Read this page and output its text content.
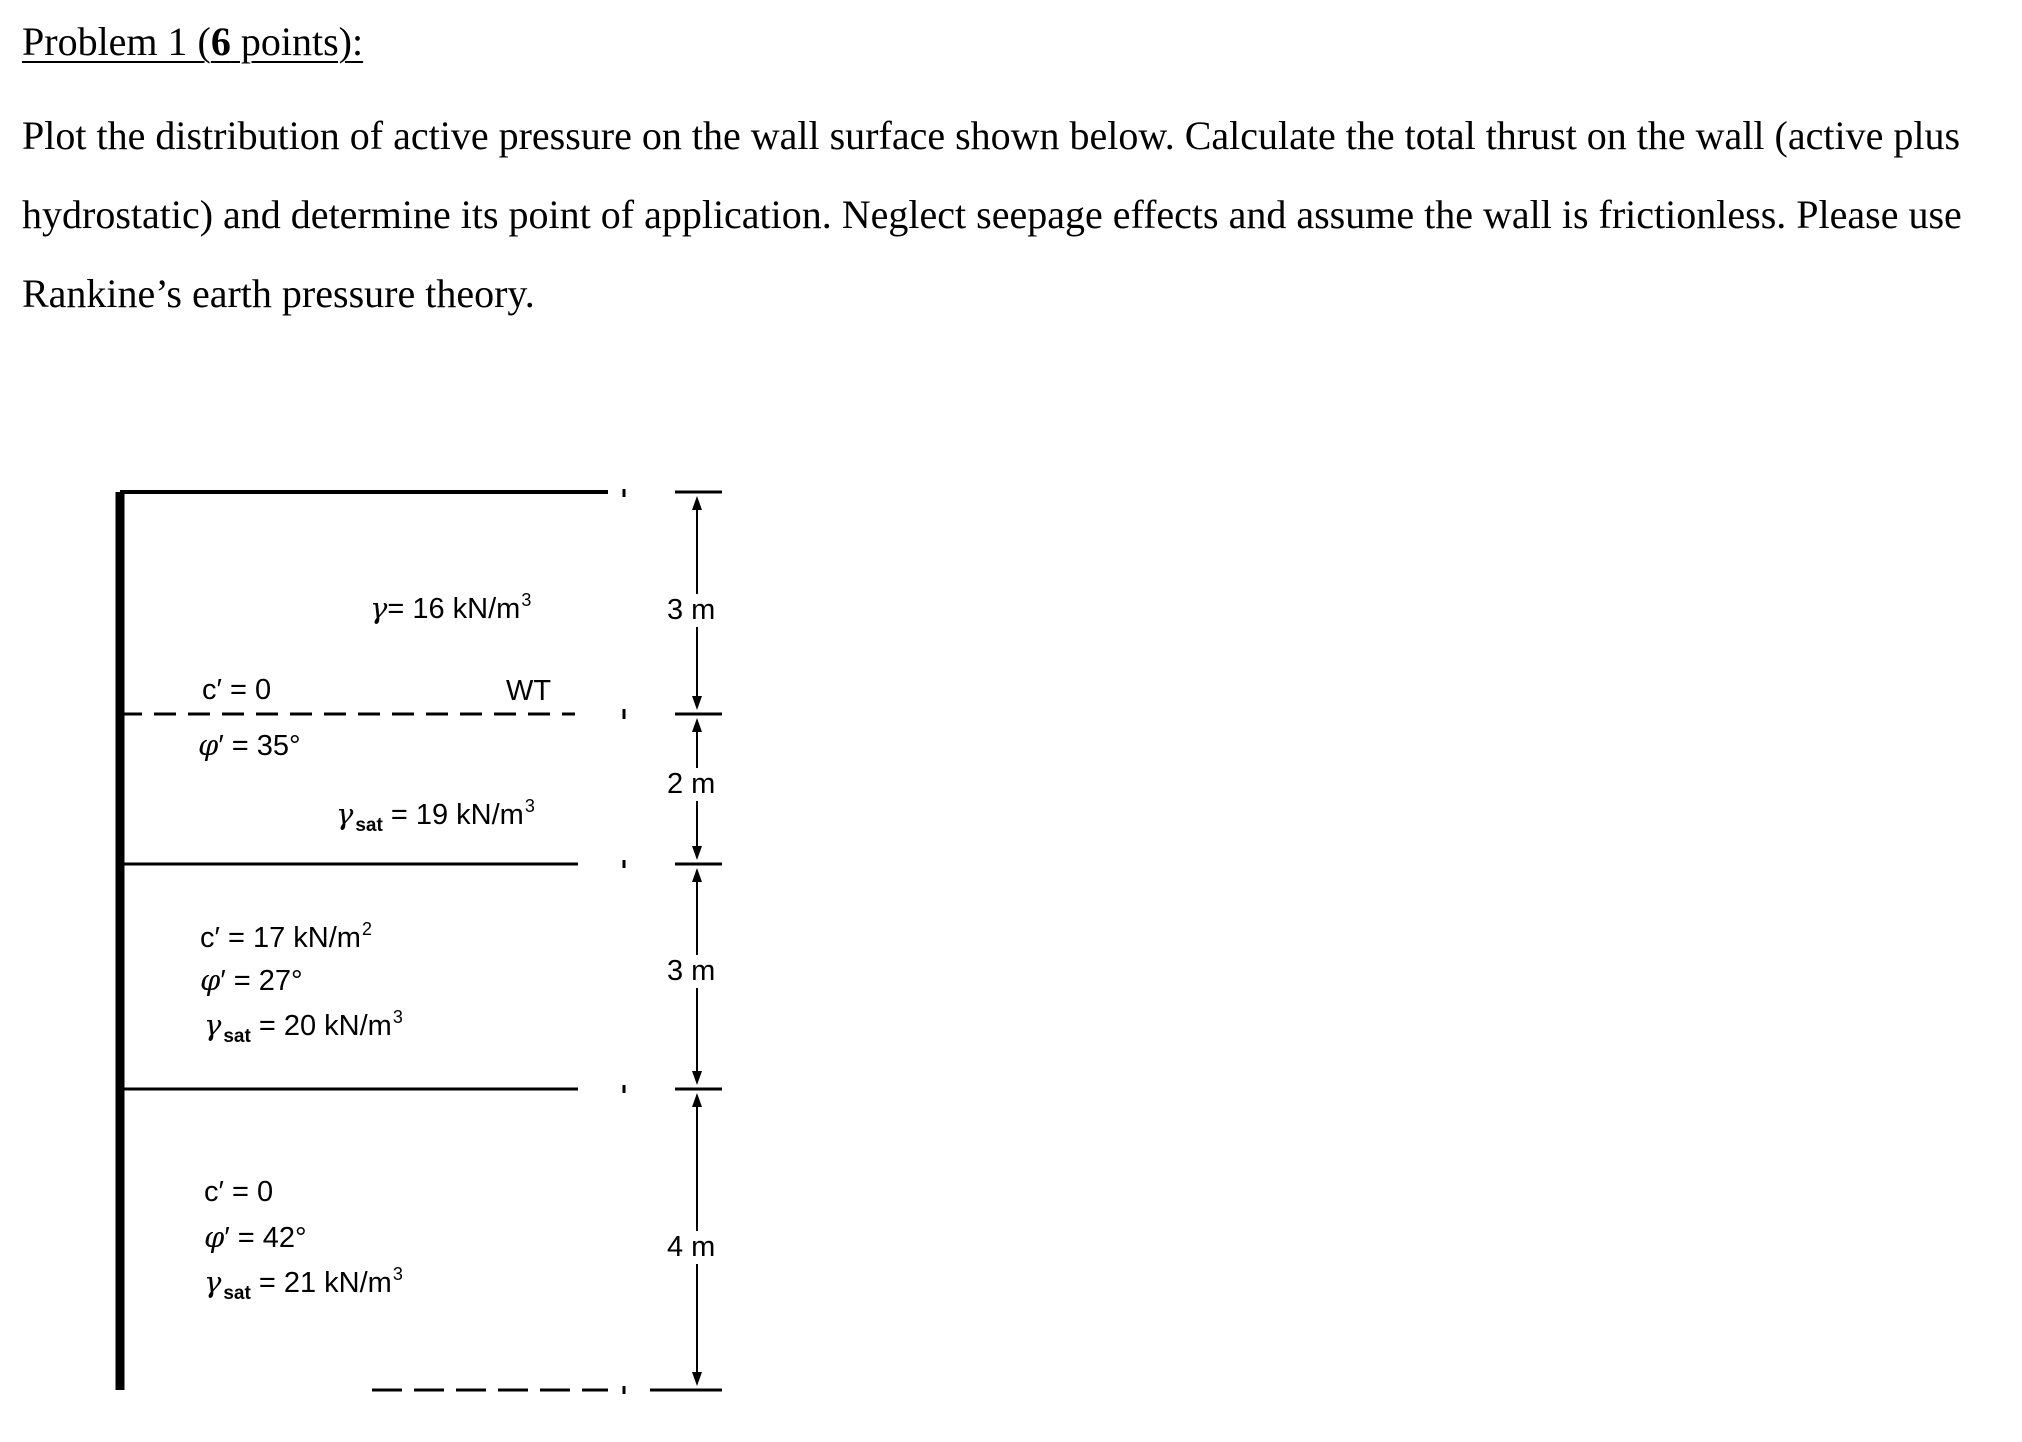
Problem 1 (6 points):

Plot the distribution of active pressure on the wall surface shown below. Calculate the total thrust on the wall (active plus hydrostatic) and determine its point of application. Neglect seepage effects and assume the wall is frictionless. Please use Rankine’s earth pressure theory.

γ= 16 $kN/m^3$
WT
c′ = 0
φ′ = 35°
γ $_{sat}$ = 19 $kN/m^3$
c′ = 17 $kN/m^2$
φ′ = 27°
γ $_{sat}$ = 20 $kN/m^3$
c′ = 0
φ′ = 42°
γ $_{sat}$ = 21 $kN/m^3$
3 m
2 m
3 m
4 m
